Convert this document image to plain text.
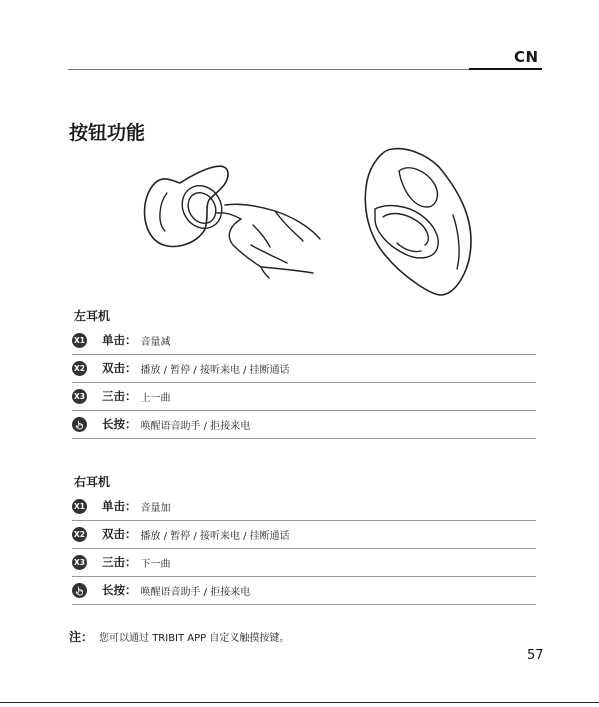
CN
按钮功能
左耳机
X1 单击： 音量减
X2 双击： 播放 / 暂停 / 接听来电 / 挂断通话
X3 三击： 上一曲
长按： 唤醒语音助手 / 拒接来电
右耳机
X1 单击： 音量加
X2 双击： 播放 / 暂停 / 接听来电 / 挂断通话
X3 三击： 下一曲
长按： 唤醒语音助手 / 拒接来电
注： 您可以通过 TRIBIT APP 自定义触摸按键。
57
